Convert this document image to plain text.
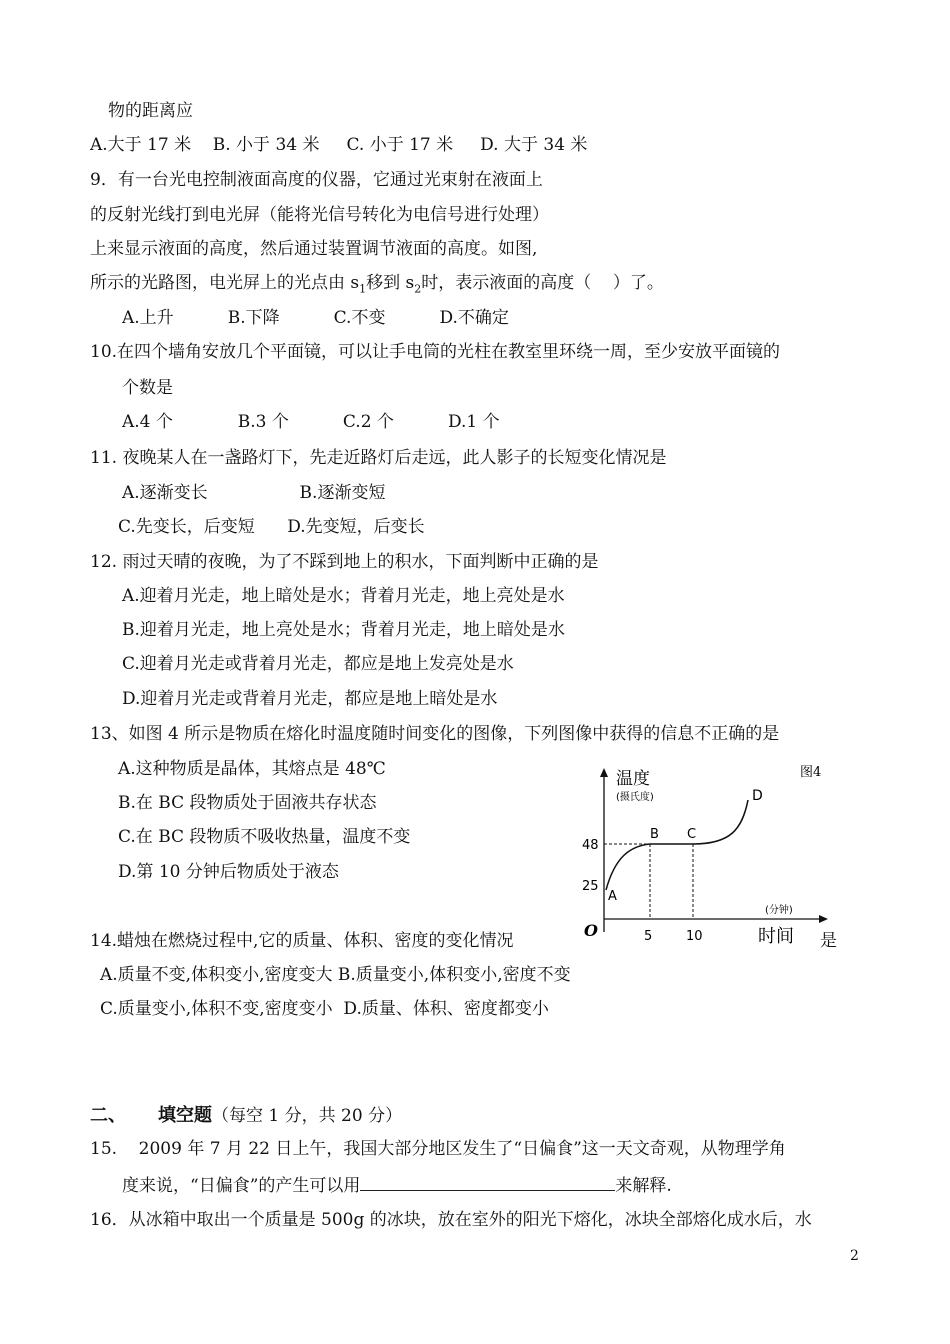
物的距离应
A.大于 17 米    B. 小于 34 米     C. 小于 17 米     D. 大于 34 米
9．有一台光电控制液面高度的仪器，它通过光束射在液面上
的反射光线打到电光屏（能将光信号转化为电信号进行处理）
上来显示液面的高度，然后通过装置调节液面的高度。如图,
所示的光路图，电光屏上的光点由 $s_1$移到 $s_2$时，表示液面的高度（    ）了。
A.上升          B.下降          C.不变          D.不确定
10.在四个墙角安放几个平面镜，可以让手电筒的光柱在教室里环绕一周，至少安放平面镜的
个数是
A.4 个            B.3 个          C.2 个          D.1 个
11. 夜晚某人在一盏路灯下，先走近路灯后走远，此人影子的长短变化情况是
A.逐渐变长                 B.逐渐变短
C.先变长，后变短      D.先变短，后变长
12. 雨过天晴的夜晚，为了不踩到地上的积水，下面判断中正确的是
A.迎着月光走，地上暗处是水；背着月光走，地上亮处是水
B.迎着月光走，地上亮处是水；背着月光走，地上暗处是水
C.迎着月光走或背着月光走，都应是地上发亮处是水
D.迎着月光走或背着月光走，都应是地上暗处是水
13、如图 4 所示是物质在熔化时温度随时间变化的图像，下列图像中获得的信息不正确的是
A.这种物质是晶体，其熔点是 48℃
B.在 BC 段物质处于固液共存状态
C.在 BC 段物质不吸收热量，温度不变
D.第 10 分钟后物质处于液态
温度
(摄氏度)
图4
D
B C
48
25
A
(分钟)
O	5	10	时间
14.蜡烛在燃烧过程中,它的质量、体积、密度的变化情况	是
A.质量不变,体积变小,密度变大 B.质量变小,体积变小,密度不变
C.质量变小,体积不变,密度变小  D.质量、体积、密度都变小
二、 填空题（每空 1 分，共 20 分）
15.    2009 年 7 月 22 日上午，我国大部分地区发生了“日偏食”这一天文奇观，从物理学角
度来说，“日偏食”的产生可以用	来解释.
16．从冰箱中取出一个质量是 500g 的冰块，放在室外的阳光下熔化，冰块全部熔化成水后，水
2
